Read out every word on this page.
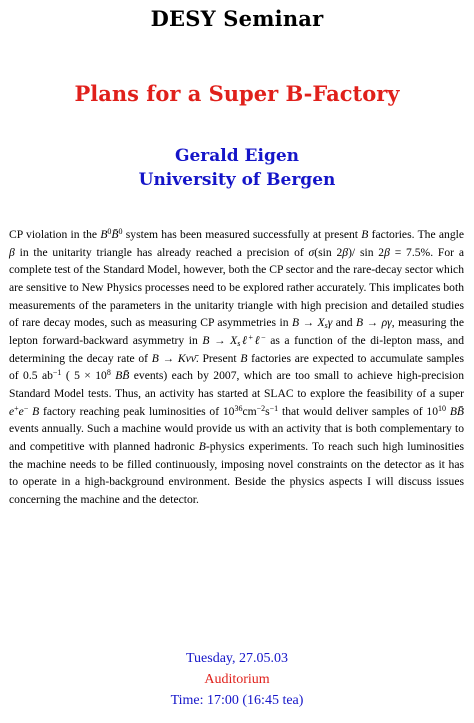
DESY Seminar
Plans for a Super B-Factory
Gerald Eigen
University of Bergen

CP violation in the $B^0B̄^0$ system has been measured successfully at present B factories. The angle β in the unitarity triangle has already reached a precision of σ(sin 2β)/ sin 2β = 7.5%. For a complete test of the Standard Model, however, both the CP sector and the rare-decay sector which are sensitive to New Physics processes need to be explored rather accurately. This implicates both measurements of the parameters in the unitarity triangle with high precision and detailed studies of rare decay modes, such as measuring CP asymmetries in $B \to X_s\gamma$ and B → ργ, measuring the lepton forward-backward asymmetry in $B \to X_s\ell^+\ell^-$ as a function of the di-lepton mass, and determining the decay rate of B → Kνν̄. Present B factories are expected to accumulate samples of 0.5 $ab^{-1}$ ( $5 \times 10^8$ BB̄ events) each by 2007, which are too small to achieve high-precision Standard Model tests. Thus, an activity has started at SLAC to explore the feasibility of a super e+e− B factory reaching peak luminosities of $10^{36}cm^{-2}s^{-1}$ that would deliver samples of $10^{10}$ BB̄ events annually. Such a machine would provide us with an activity that is both complementary to and competitive with planned hadronic B-physics experiments. To reach such high luminosities the machine needs to be filled continuously, imposing novel constraints on the detector as it has to operate in a high-background environment. Beside the physics aspects I will discuss issues concerning the machine and the detector.

Tuesday, 27.05.03
Auditorium
Time: 17:00 (16:45 tea)
